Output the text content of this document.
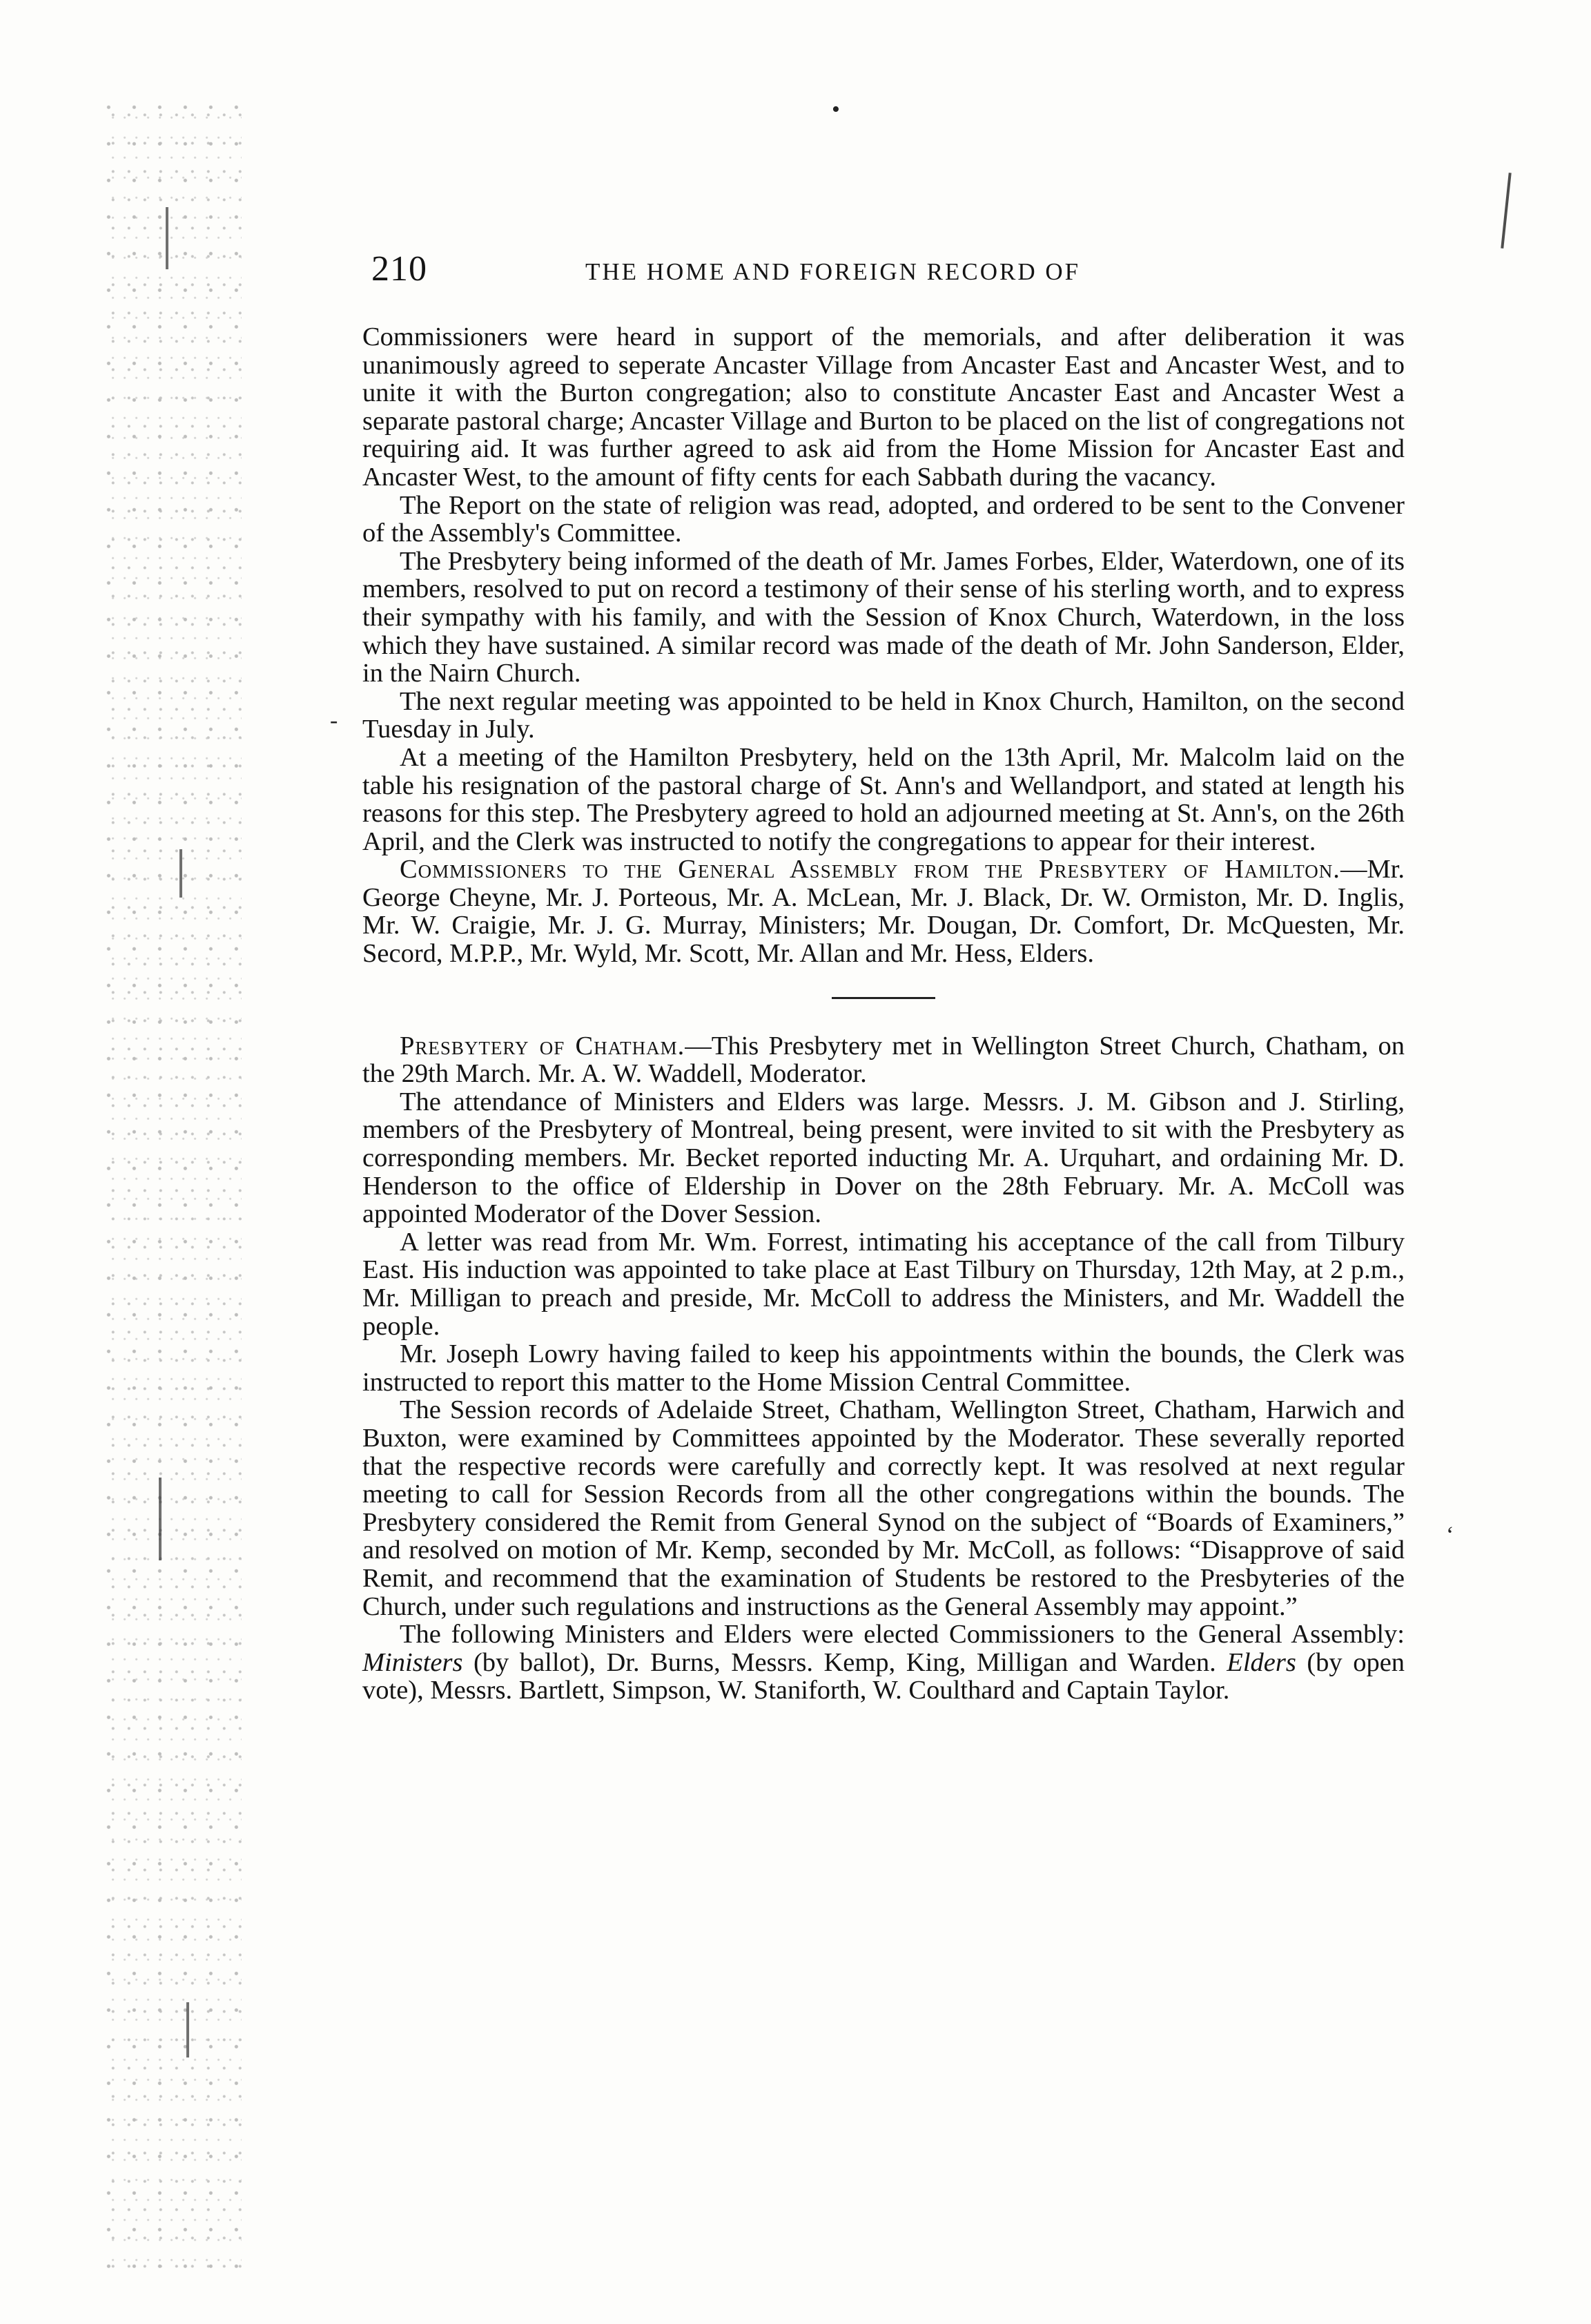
•
-
‘
210	THE HOME AND FOREIGN RECORD OF

Commissioners were heard in support of the memorials, and after deliberation it was unanimously agreed to seperate Ancaster Village from Ancaster East and Ancaster West, and to unite it with the Burton congregation; also to constitute Ancaster East and Ancaster West a separate pastoral charge; Ancaster Village and Burton to be placed on the list of congregations not requiring aid. It was further agreed to ask aid from the Home Mission for Ancaster East and Ancaster West, to the amount of fifty cents for each Sabbath during the vacancy.

The Report on the state of religion was read, adopted, and ordered to be sent to the Convener of the Assembly's Committee.

The Presbytery being informed of the death of Mr. James Forbes, Elder, Waterdown, one of its members, resolved to put on record a testimony of their sense of his sterling worth, and to express their sympathy with his family, and with the Session of Knox Church, Waterdown, in the loss which they have sustained. A similar record was made of the death of Mr. John Sanderson, Elder, in the Nairn Church.

The next regular meeting was appointed to be held in Knox Church, Hamilton, on the second Tuesday in July.

At a meeting of the Hamilton Presbytery, held on the 13th April, Mr. Malcolm laid on the table his resignation of the pastoral charge of St. Ann's and Wellandport, and stated at length his reasons for this step. The Presbytery agreed to hold an adjourned meeting at St. Ann's, on the 26th April, and the Clerk was instructed to notify the congregations to appear for their interest.

Commissioners to the General Assembly from the Presbytery of Hamilton.—Mr. George Cheyne, Mr. J. Porteous, Mr. A. McLean, Mr. J. Black, Dr. W. Ormiston, Mr. D. Inglis, Mr. W. Craigie, Mr. J. G. Murray, Ministers; Mr. Dougan, Dr. Comfort, Dr. McQuesten, Mr. Secord, M.P.P., Mr. Wyld, Mr. Scott, Mr. Allan and Mr. Hess, Elders.

Presbytery of Chatham.—This Presbytery met in Wellington Street Church, Chatham, on the 29th March. Mr. A. W. Waddell, Moderator.

The attendance of Ministers and Elders was large. Messrs. J. M. Gibson and J. Stirling, members of the Presbytery of Montreal, being present, were invited to sit with the Presbytery as corresponding members. Mr. Becket reported inducting Mr. A. Urquhart, and ordaining Mr. D. Henderson to the office of Eldership in Dover on the 28th February. Mr. A. McColl was appointed Moderator of the Dover Session.

A letter was read from Mr. Wm. Forrest, intimating his acceptance of the call from Tilbury East. His induction was appointed to take place at East Tilbury on Thursday, 12th May, at 2 p.m., Mr. Milligan to preach and preside, Mr. McColl to address the Ministers, and Mr. Waddell the people.

Mr. Joseph Lowry having failed to keep his appointments within the bounds, the Clerk was instructed to report this matter to the Home Mission Central Committee.

The Session records of Adelaide Street, Chatham, Wellington Street, Chatham, Harwich and Buxton, were examined by Committees appointed by the Moderator. These severally reported that the respective records were carefully and correctly kept. It was resolved at next regular meeting to call for Session Records from all the other congregations within the bounds. The Presbytery considered the Remit from General Synod on the subject of “Boards of Examiners,” and resolved on motion of Mr. Kemp, seconded by Mr. McColl, as follows: “Disapprove of said Remit, and recommend that the examination of Students be restored to the Presbyteries of the Church, under such regulations and instructions as the General Assembly may appoint.”

The following Ministers and Elders were elected Commissioners to the General Assembly: Ministers (by ballot), Dr. Burns, Messrs. Kemp, King, Milligan and Warden. Elders (by open vote), Messrs. Bartlett, Simpson, W. Staniforth, W. Coulthard and Captain Taylor.
